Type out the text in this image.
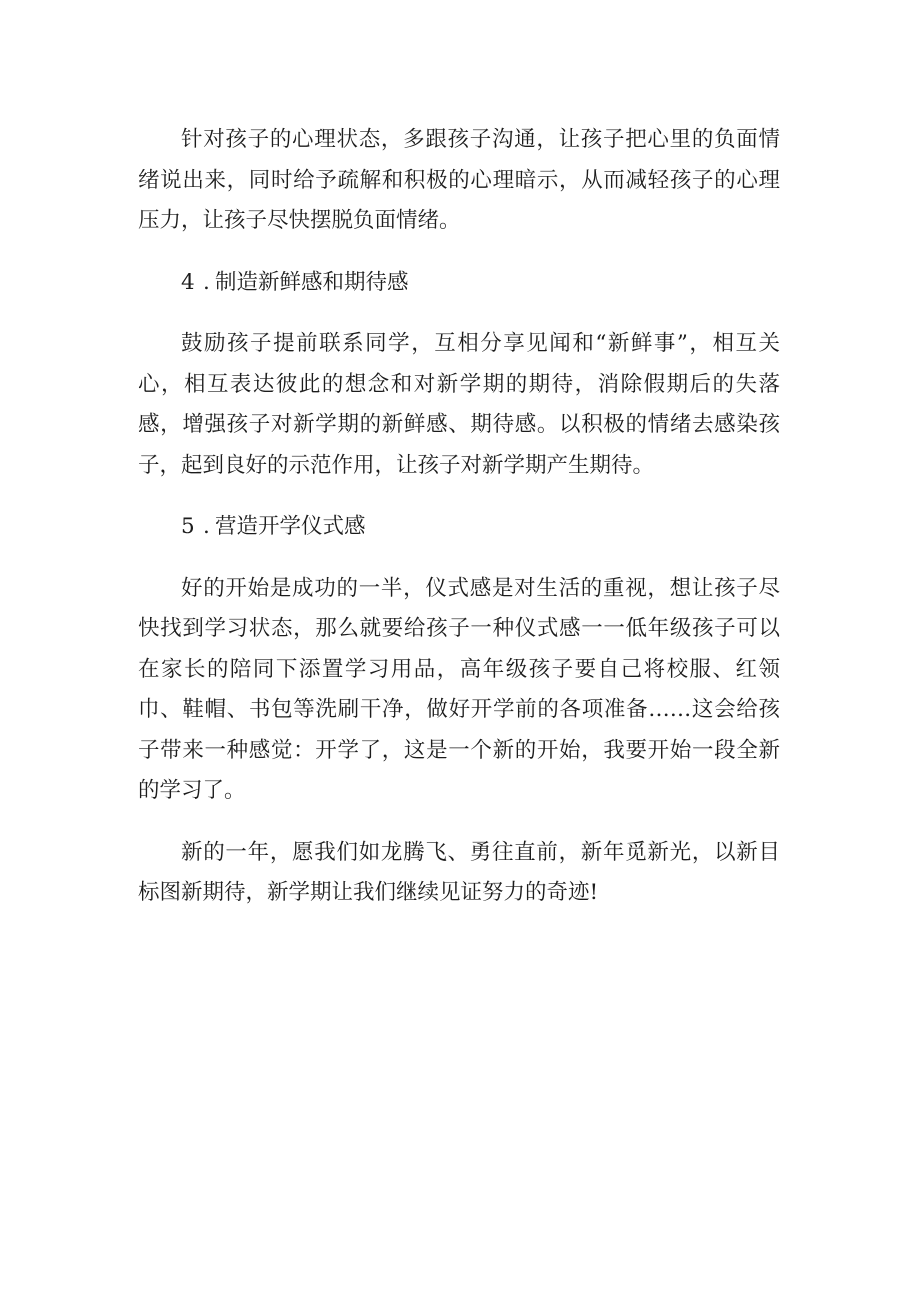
针对孩子的心理状态，多跟孩子沟通，让孩子把心里的负面情绪说出来，同时给予疏解和积极的心理暗示，从而减轻孩子的心理压力，让孩子尽快摆脱负面情绪。

4 . 制造新鲜感和期待感

鼓励孩子提前联系同学，互相分享见闻和“新鲜事”，相互关心，相互表达彼此的想念和对新学期的期待，消除假期后的失落感，增强孩子对新学期的新鲜感、期待感。以积极的情绪去感染孩子，起到良好的示范作用，让孩子对新学期产生期待。

5 . 营造开学仪式感

好的开始是成功的一半，仪式感是对生活的重视，想让孩子尽快找到学习状态，那么就要给孩子一种仪式感一一低年级孩子可以在家长的陪同下添置学习用品，高年级孩子要自己将校服、红领巾、鞋帽、书包等洗刷干净，做好开学前的各项准备……这会给孩子带来一种感觉：开学了，这是一个新的开始，我要开始一段全新的学习了。

新的一年，愿我们如龙腾飞、勇往直前，新年觅新光，以新目标图新期待，新学期让我们继续见证努力的奇迹!
